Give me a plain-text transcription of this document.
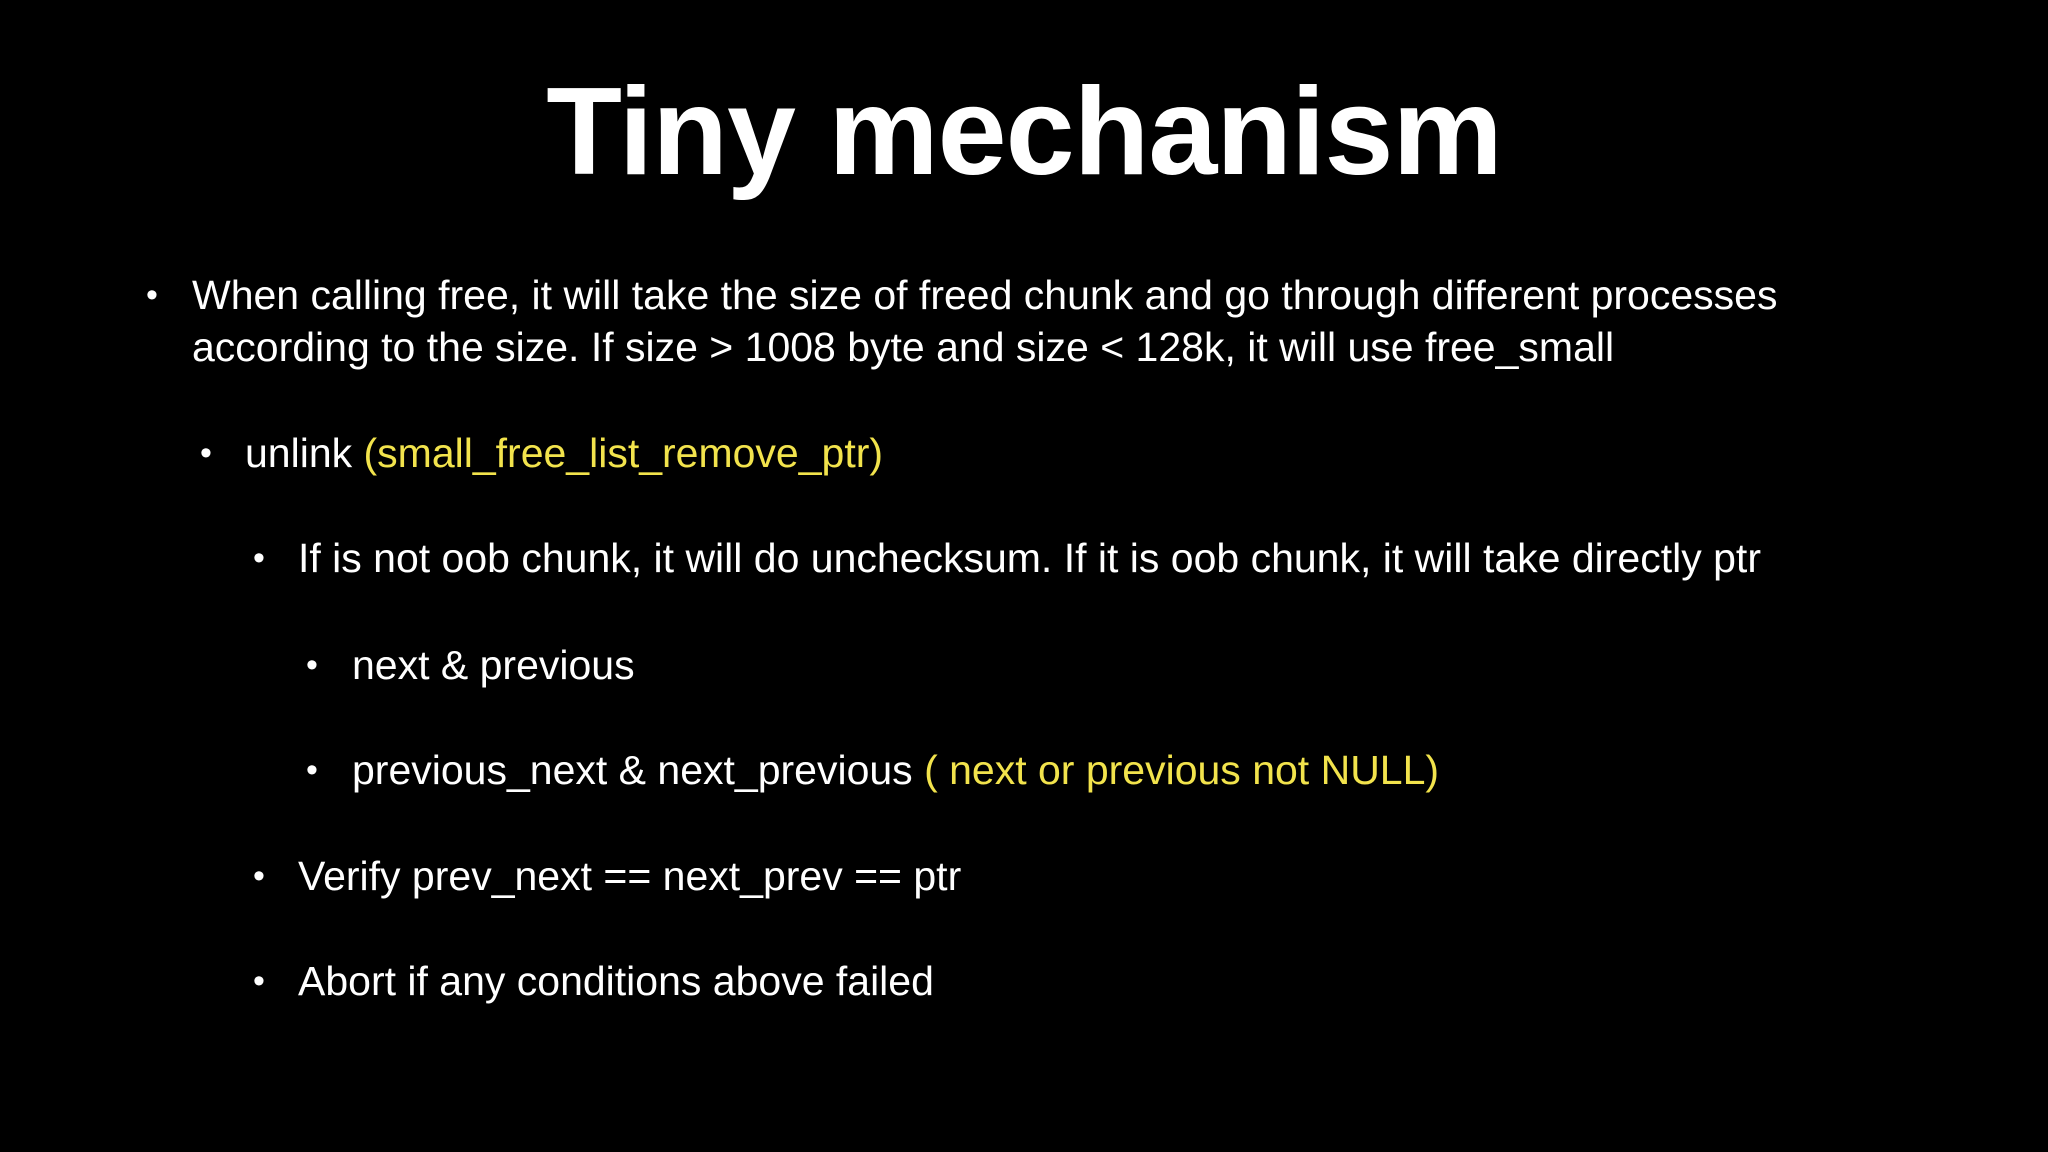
Tiny mechanism
• When calling free, it will take the size of freed chunk and go through different processes
according to the size. If size > 1008 byte and size < 128k, it will use free_small
• unlink (small_free_list_remove_ptr)
• If is not oob chunk, it will do unchecksum. If it is oob chunk, it will take directly ptr
• next & previous
• previous_next & next_previous ( next or previous not NULL)
• Verify prev_next == next_prev == ptr
• Abort if any conditions above failed
